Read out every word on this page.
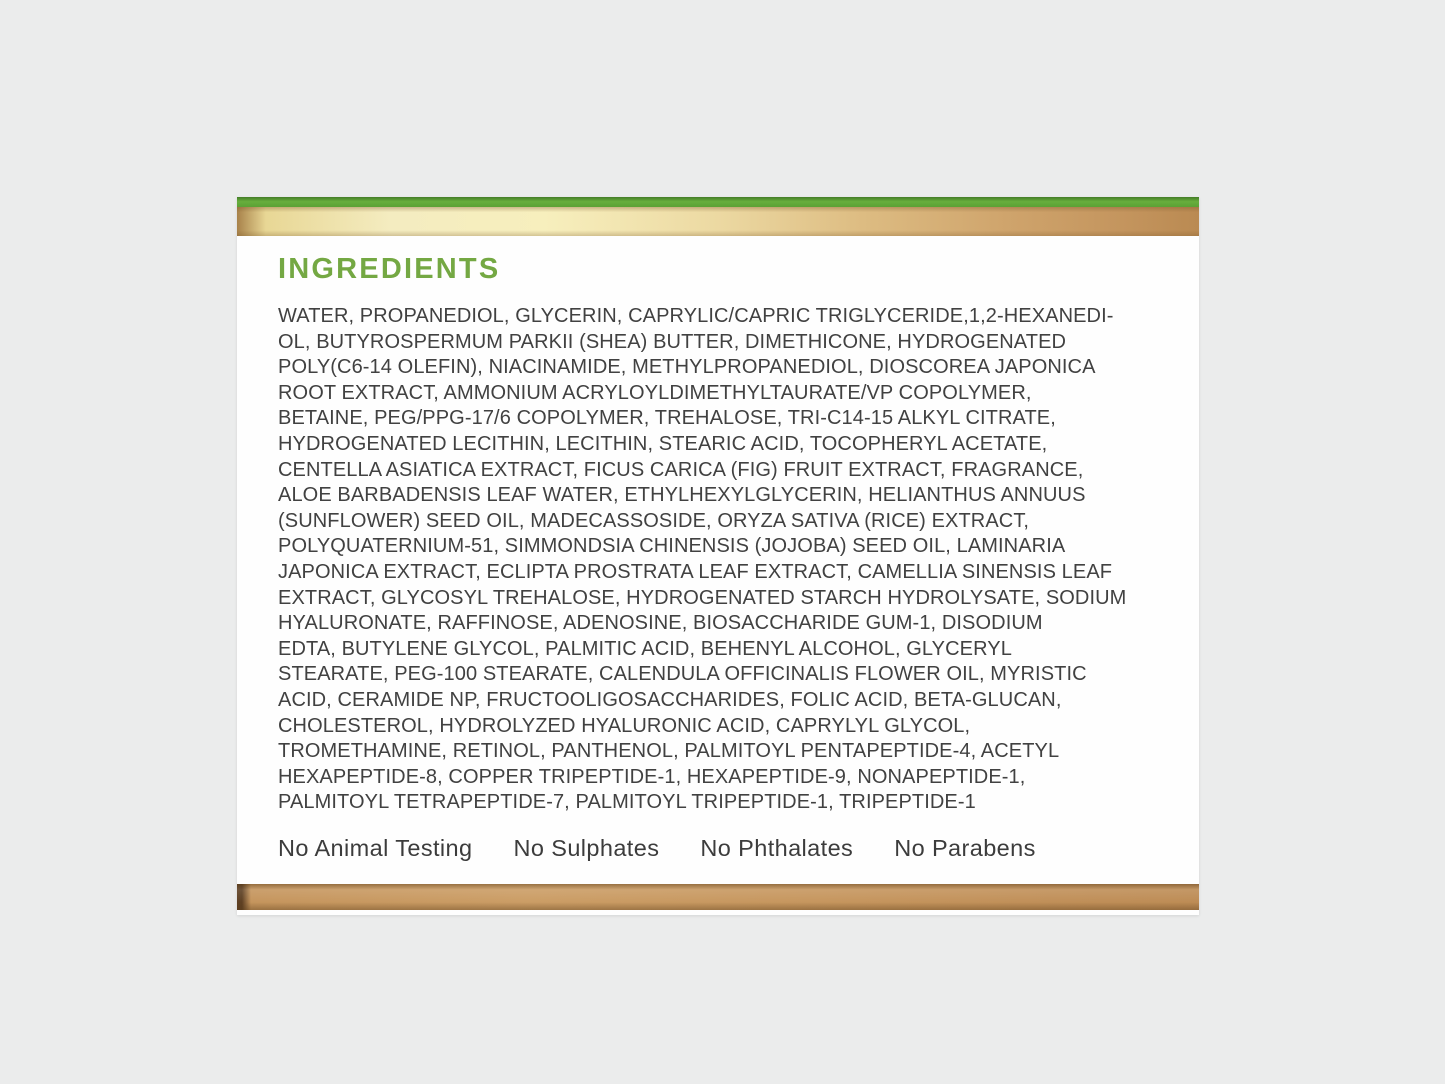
INGREDIENTS
WATER, PROPANEDIOL, GLYCERIN, CAPRYLIC/CAPRIC TRIGLYCERIDE,1,2-HEXANEDI-
OL, BUTYROSPERMUM PARKII (SHEA) BUTTER, DIMETHICONE, HYDROGENATED
POLY(C6-14 OLEFIN), NIACINAMIDE, METHYLPROPANEDIOL, DIOSCOREA JAPONICA
ROOT EXTRACT, AMMONIUM ACRYLOYLDIMETHYLTAURATE/VP COPOLYMER,
BETAINE, PEG/PPG-17/6 COPOLYMER, TREHALOSE, TRI-C14-15 ALKYL CITRATE,
HYDROGENATED LECITHIN, LECITHIN, STEARIC ACID, TOCOPHERYL ACETATE,
CENTELLA ASIATICA EXTRACT, FICUS CARICA (FIG) FRUIT EXTRACT, FRAGRANCE,
ALOE BARBADENSIS LEAF WATER, ETHYLHEXYLGLYCERIN, HELIANTHUS ANNUUS
(SUNFLOWER) SEED OIL, MADECASSOSIDE, ORYZA SATIVA (RICE) EXTRACT,
POLYQUATERNIUM-51, SIMMONDSIA CHINENSIS (JOJOBA) SEED OIL, LAMINARIA
JAPONICA EXTRACT, ECLIPTA PROSTRATA LEAF EXTRACT, CAMELLIA SINENSIS LEAF
EXTRACT, GLYCOSYL TREHALOSE, HYDROGENATED STARCH HYDROLYSATE, SODIUM
HYALURONATE, RAFFINOSE, ADENOSINE, BIOSACCHARIDE GUM-1, DISODIUM
EDTA, BUTYLENE GLYCOL, PALMITIC ACID, BEHENYL ALCOHOL, GLYCERYL
STEARATE, PEG-100 STEARATE, CALENDULA OFFICINALIS FLOWER OIL, MYRISTIC
ACID, CERAMIDE NP, FRUCTOOLIGOSACCHARIDES, FOLIC ACID, BETA-GLUCAN,
CHOLESTEROL, HYDROLYZED HYALURONIC ACID, CAPRYLYL GLYCOL,
TROMETHAMINE, RETINOL, PANTHENOL, PALMITOYL PENTAPEPTIDE-4, ACETYL
HEXAPEPTIDE-8, COPPER TRIPEPTIDE-1, HEXAPEPTIDE-9, NONAPEPTIDE-1,
PALMITOYL TETRAPEPTIDE-7, PALMITOYL TRIPEPTIDE-1, TRIPEPTIDE-1
No Animal Testing No Sulphates No Phthalates No Parabens
